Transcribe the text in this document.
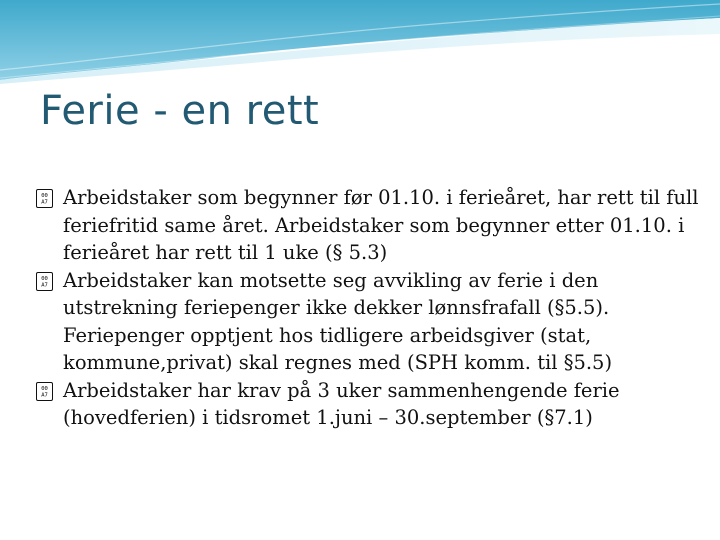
Ferie - en rett
00
A7 Arbeidstaker som begynner før 01.10. i ferieåret, har rett til full feriefritid same året. Arbeidstaker som begynner etter 01.10. i ferieåret har rett til 1 uke (§ 5.3)
00
A7 Arbeidstaker kan motsette seg avvikling av ferie i den utstrekning feriepenger ikke dekker lønnsfrafall (§5.5). Feriepenger opptjent hos tidligere arbeidsgiver (stat, kommune,privat) skal regnes med (SPH komm. til §5.5)
00
A7 Arbeidstaker har krav på 3 uker sammenhengende ferie (hovedferien) i tidsromet 1.juni – 30.september (§7.1)
